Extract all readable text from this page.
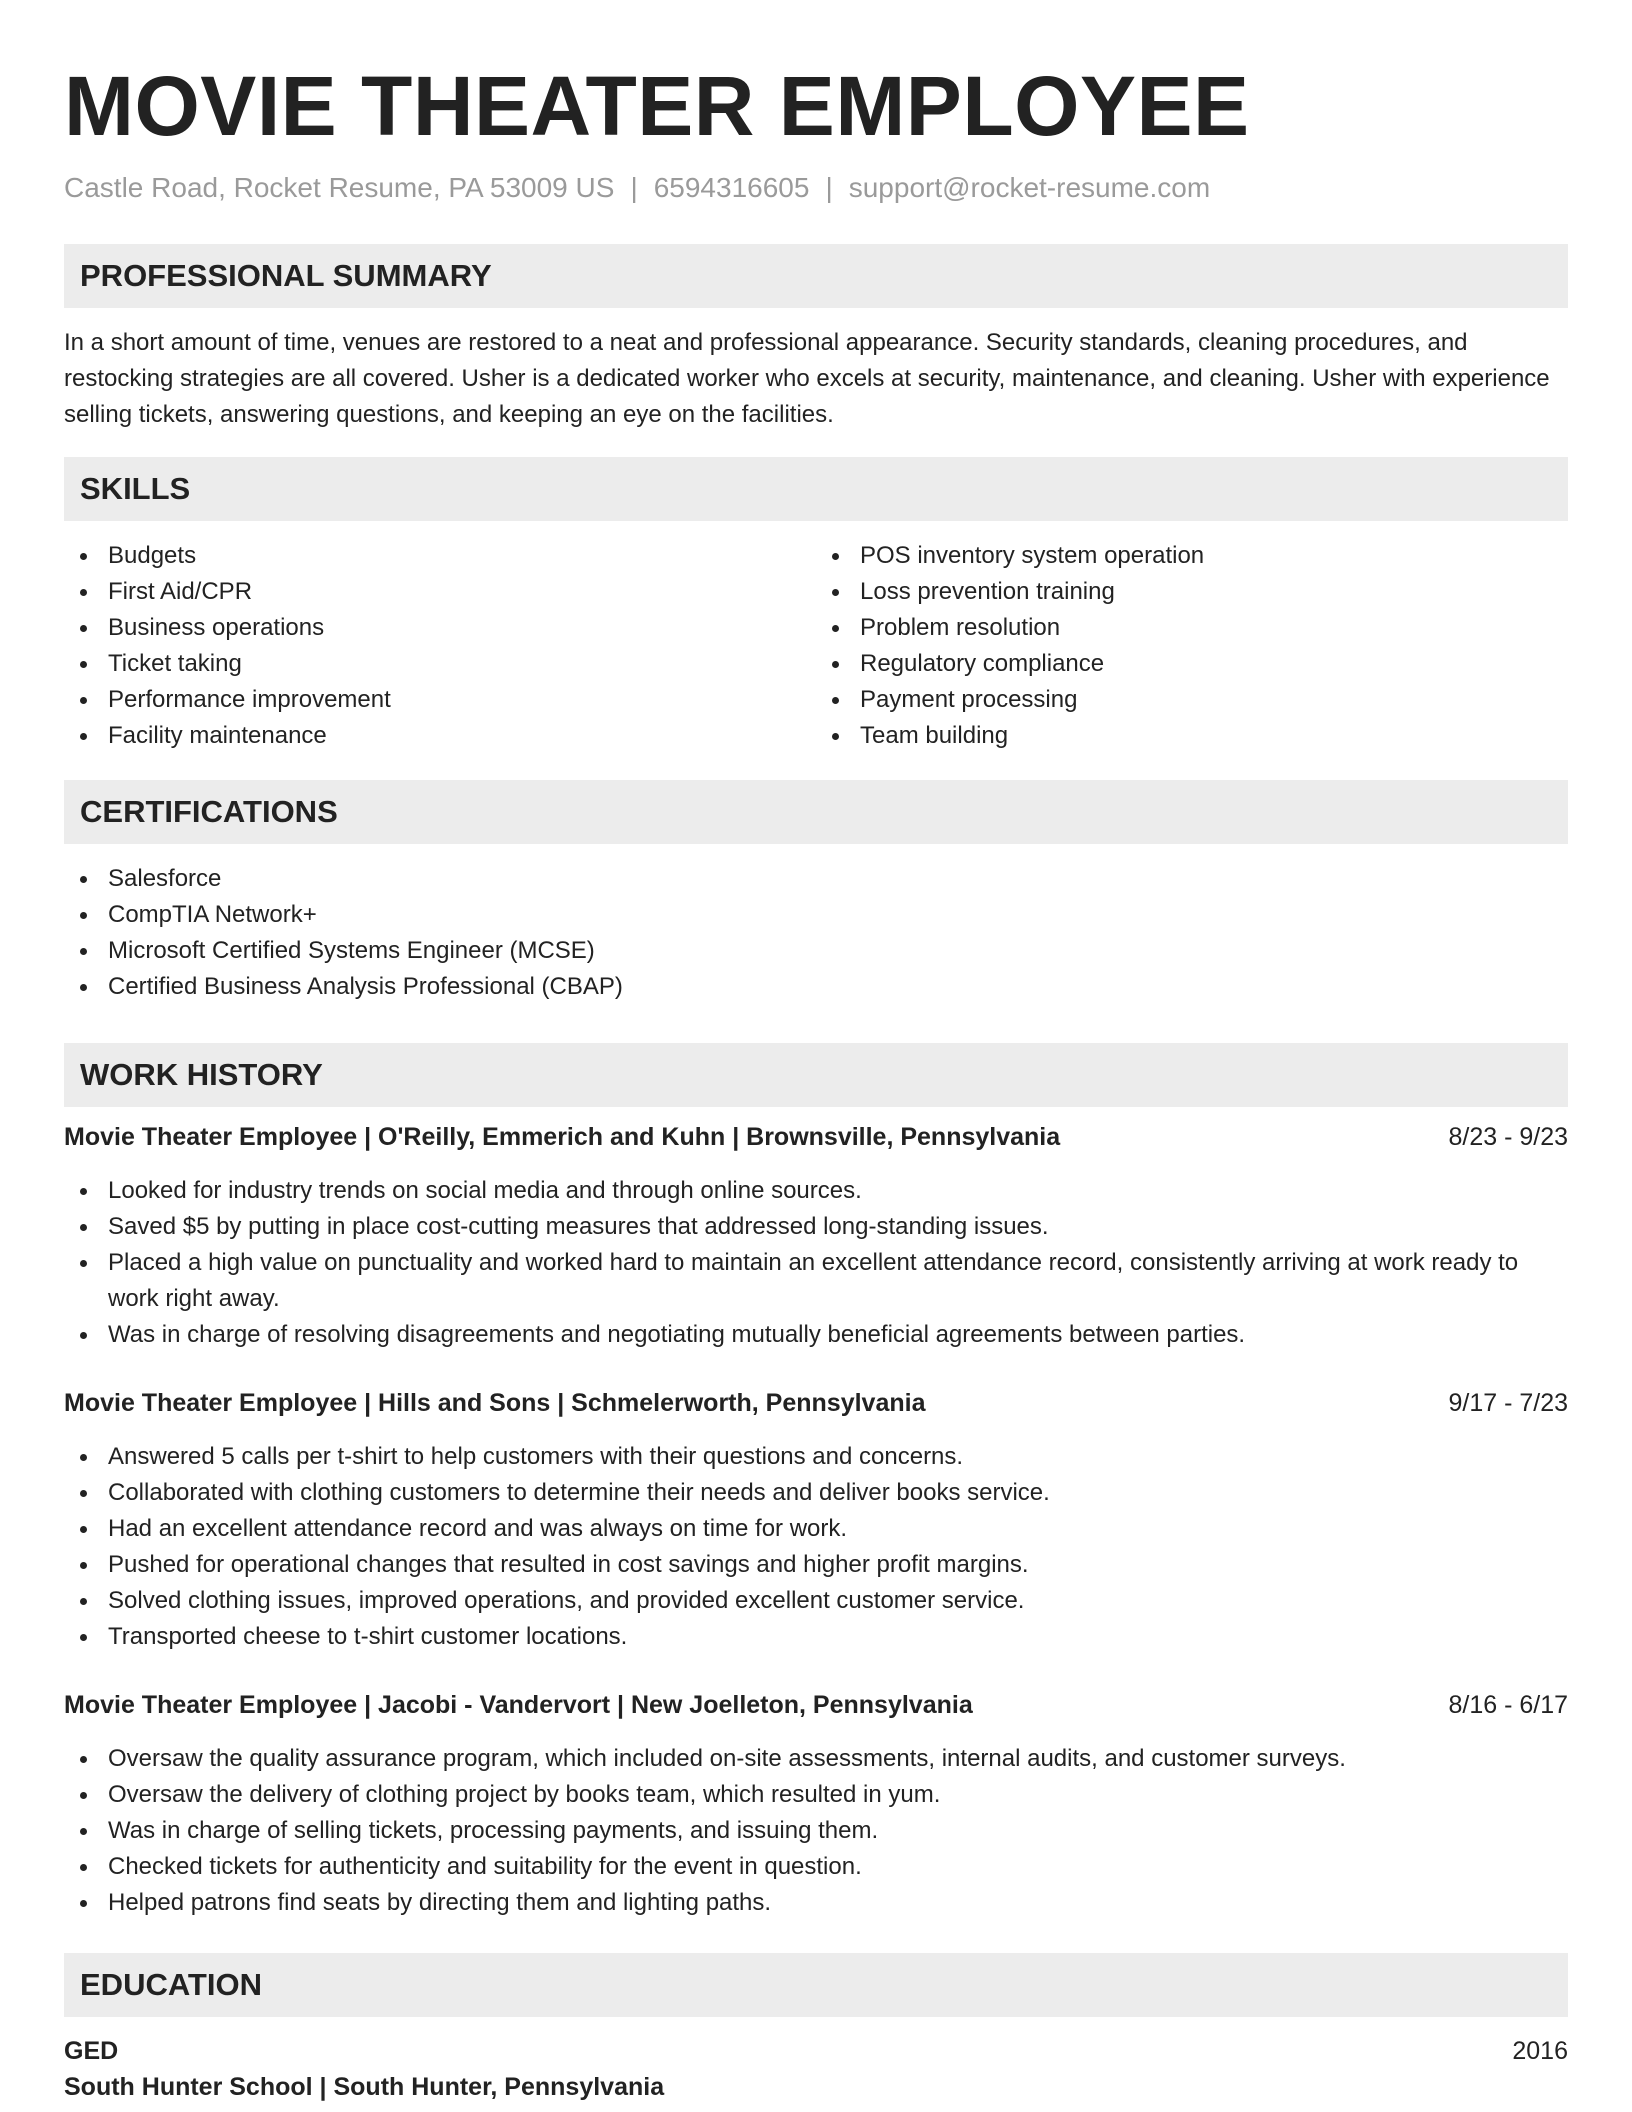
MOVIE THEATER EMPLOYEE
Castle Road, Rocket Resume, PA 53009 US | 6594316605 | support@rocket-resume.com
PROFESSIONAL SUMMARY

In a short amount of time, venues are restored to a neat and professional appearance. Security standards, cleaning procedures, and restocking strategies are all covered. Usher is a dedicated worker who excels at security, maintenance, and cleaning. Usher with experience selling tickets, answering questions, and keeping an eye on the facilities.

SKILLS
Budgets
First Aid/CPR
Business operations
Ticket taking
Performance improvement
Facility maintenance
POS inventory system operation
Loss prevention training
Problem resolution
Regulatory compliance
Payment processing
Team building
CERTIFICATIONS
Salesforce
CompTIA Network+
Microsoft Certified Systems Engineer (MCSE)
Certified Business Analysis Professional (CBAP)
WORK HISTORY
Movie Theater Employee | O'Reilly, Emmerich and Kuhn | Brownsville, Pennsylvania	8/23 - 9/23
Looked for industry trends on social media and through online sources.
Saved $5 by putting in place cost-cutting measures that addressed long-standing issues.
Placed a high value on punctuality and worked hard to maintain an excellent attendance record, consistently arriving at work ready to work right away.
Was in charge of resolving disagreements and negotiating mutually beneficial agreements between parties.
Movie Theater Employee | Hills and Sons | Schmelerworth, Pennsylvania	9/17 - 7/23
Answered 5 calls per t-shirt to help customers with their questions and concerns.
Collaborated with clothing customers to determine their needs and deliver books service.
Had an excellent attendance record and was always on time for work.
Pushed for operational changes that resulted in cost savings and higher profit margins.
Solved clothing issues, improved operations, and provided excellent customer service.
Transported cheese to t-shirt customer locations.
Movie Theater Employee | Jacobi - Vandervort | New Joelleton, Pennsylvania	8/16 - 6/17
Oversaw the quality assurance program, which included on-site assessments, internal audits, and customer surveys.
Oversaw the delivery of clothing project by books team, which resulted in yum.
Was in charge of selling tickets, processing payments, and issuing them.
Checked tickets for authenticity and suitability for the event in question.
Helped patrons find seats by directing them and lighting paths.
EDUCATION
GED	2016
South Hunter School | South Hunter, Pennsylvania
